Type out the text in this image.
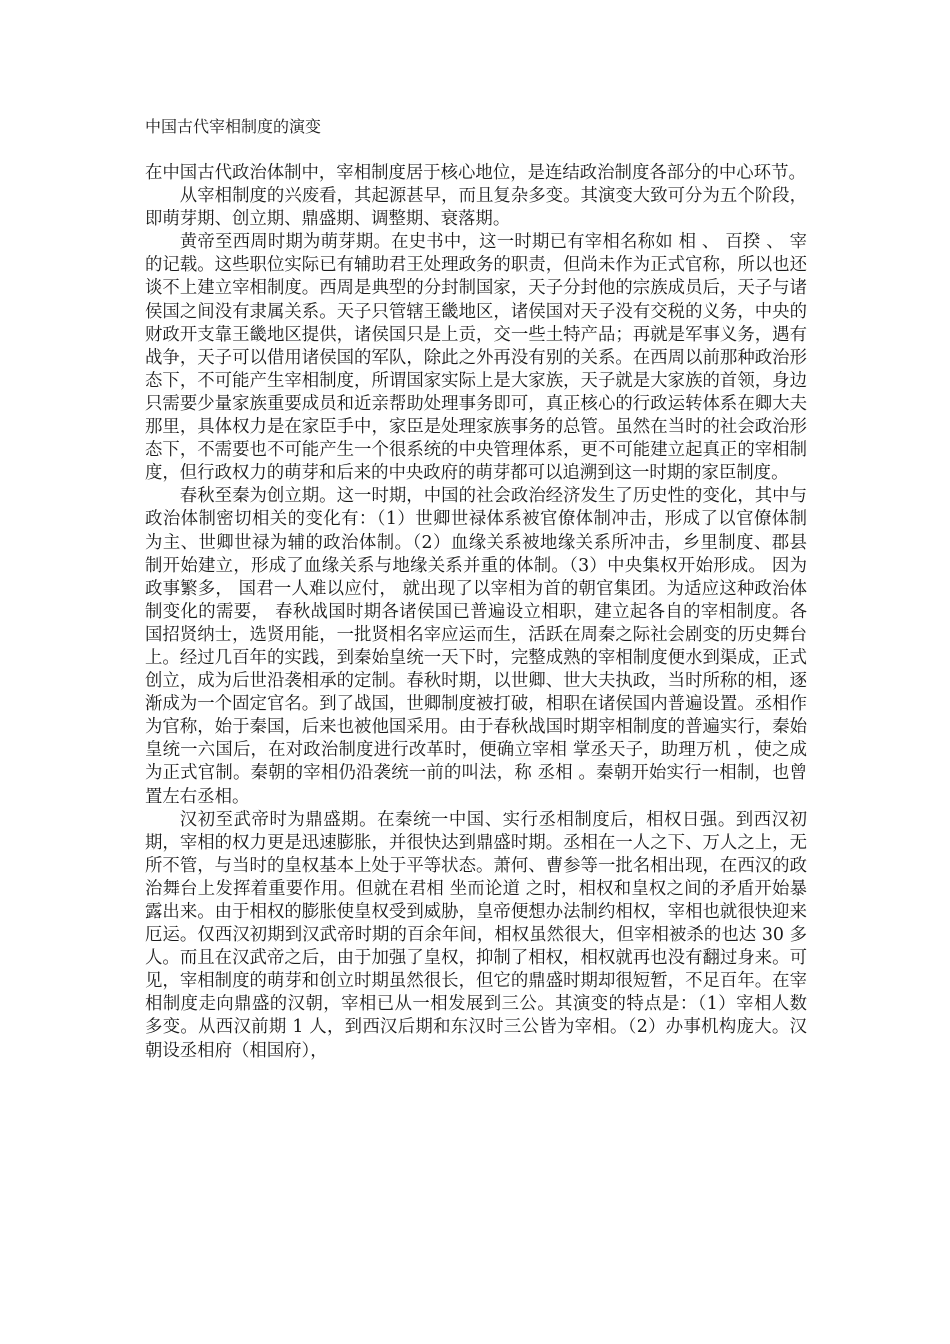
中国古代宰相制度的演变

在中国古代政治体制中，宰相制度居于核心地位，是连结政治制度各部分的中心环节。

从宰相制度的兴废看，其起源甚早，而且复杂多变。其演变大致可分为五个阶段，即萌芽期、创立期、鼎盛期、调整期、衰落期。

黄帝至西周时期为萌芽期。在史书中，这一时期已有宰相名称如 相 、 百揆 、 宰 的记载。这些职位实际已有辅助君王处理政务的职责，但尚未作为正式官称，所以也还谈不上建立宰相制度。西周是典型的分封制国家，天子分封他的宗族成员后，天子与诸侯国之间没有隶属关系。天子只管辖王畿地区，诸侯国对天子没有交税的义务，中央的财政开支靠王畿地区提供，诸侯国只是上贡，交一些土特产品；再就是军事义务，遇有战争，天子可以借用诸侯国的军队，除此之外再没有别的关系。在西周以前那种政治形态下，不可能产生宰相制度，所谓国家实际上是大家族，天子就是大家族的首领，身边只需要少量家族重要成员和近亲帮助处理事务即可，真正核心的行政运转体系在卿大夫那里，具体权力是在家臣手中，家臣是处理家族事务的总管。虽然在当时的社会政治形态下，不需要也不可能产生一个很系统的中央管理体系，更不可能建立起真正的宰相制度，但行政权力的萌芽和后来的中央政府的萌芽都可以追溯到这一时期的家臣制度。

春秋至秦为创立期。这一时期，中国的社会政治经济发生了历史性的变化，其中与政治体制密切相关的变化有：（1）世卿世禄体系被官僚体制冲击，形成了以官僚体制为主、世卿世禄为辅的政治体制。（2）血缘关系被地缘关系所冲击，乡里制度、郡县制开始建立，形成了血缘关系与地缘关系并重的体制。（3）中央集权开始形成。 因为政事繁多， 国君一人难以应付， 就出现了以宰相为首的朝官集团。为适应这种政治体制变化的需要， 春秋战国时期各诸侯国已普遍设立相职，建立起各自的宰相制度。各国招贤纳士，选贤用能，一批贤相名宰应运而生，活跃在周秦之际社会剧变的历史舞台上。经过几百年的实践，到秦始皇统一天下时，完整成熟的宰相制度便水到渠成，正式创立，成为后世沿袭相承的定制。春秋时期，以世卿、世大夫执政，当时所称的相，逐渐成为一个固定官名。到了战国，世卿制度被打破，相职在诸侯国内普遍设置。丞相作为官称，始于秦国，后来也被他国采用。由于春秋战国时期宰相制度的普遍实行，秦始皇统一六国后，在对政治制度进行改革时，便确立宰相 掌丞天子，助理万机 ，使之成为正式官制。秦朝的宰相仍沿袭统一前的叫法，称 丞相 。秦朝开始实行一相制，也曾置左右丞相。

汉初至武帝时为鼎盛期。在秦统一中国、实行丞相制度后，相权日强。到西汉初期，宰相的权力更是迅速膨胀，并很快达到鼎盛时期。丞相在一人之下、万人之上，无所不管，与当时的皇权基本上处于平等状态。萧何、曹参等一批名相出现，在西汉的政治舞台上发挥着重要作用。但就在君相 坐而论道 之时，相权和皇权之间的矛盾开始暴露出来。由于相权的膨胀使皇权受到威胁，皇帝便想办法制约相权，宰相也就很快迎来厄运。仅西汉初期到汉武帝时期的百余年间，相权虽然很大，但宰相被杀的也达 30 多人。而且在汉武帝之后，由于加强了皇权，抑制了相权，相权就再也没有翻过身来。可见，宰相制度的萌芽和创立时期虽然很长，但它的鼎盛时期却很短暂，不足百年。在宰相制度走向鼎盛的汉朝，宰相已从一相发展到三公。其演变的特点是：（1）宰相人数多变。从西汉前期 1 人，到西汉后期和东汉时三公皆为宰相。（2）办事机构庞大。汉朝设丞相府（相国府），
